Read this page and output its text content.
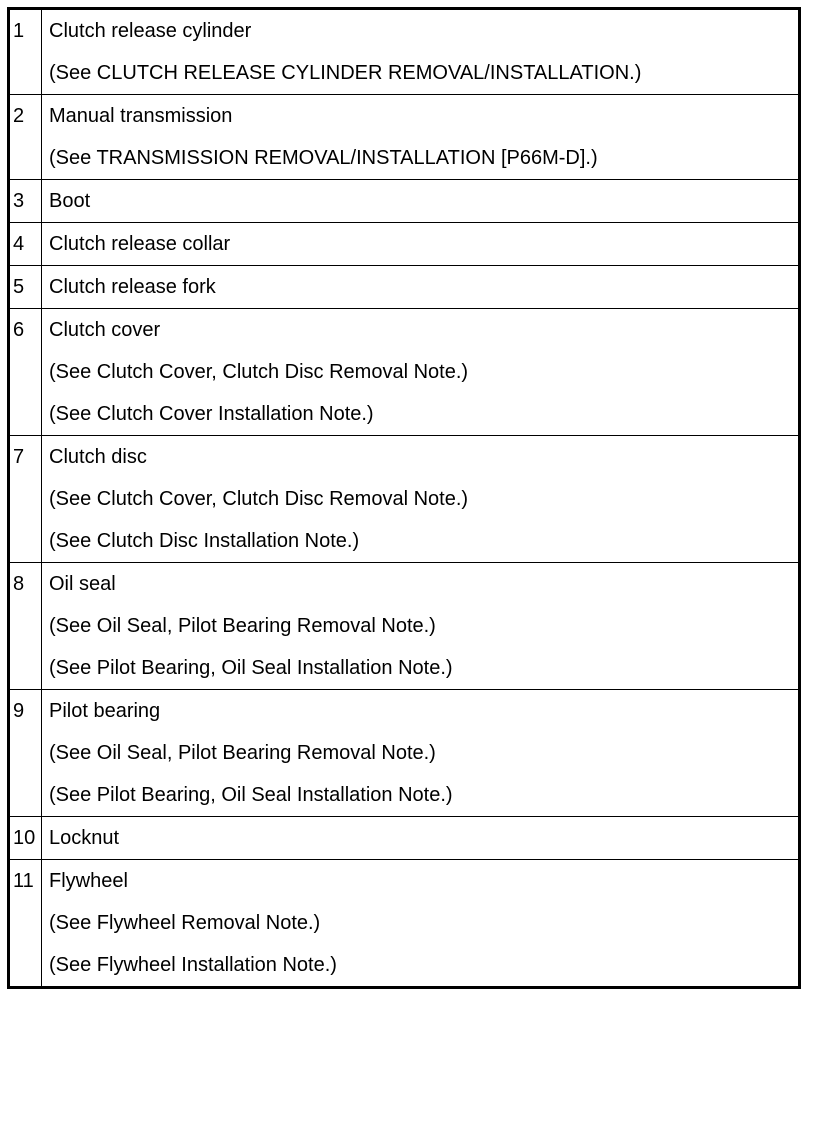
1	Clutch release cylinder
(See CLUTCH RELEASE CYLINDER REMOVAL/INSTALLATION.)

2	Manual transmission
(See TRANSMISSION REMOVAL/INSTALLATION [P66M-D].)

3	Boot

4	Clutch release collar

5	Clutch release fork

6	Clutch cover
(See Clutch Cover, Clutch Disc Removal Note.)
(See Clutch Cover Installation Note.)

7	Clutch disc
(See Clutch Cover, Clutch Disc Removal Note.)
(See Clutch Disc Installation Note.)

8	Oil seal
(See Oil Seal, Pilot Bearing Removal Note.)
(See Pilot Bearing, Oil Seal Installation Note.)

9	Pilot bearing
(See Oil Seal, Pilot Bearing Removal Note.)
(See Pilot Bearing, Oil Seal Installation Note.)

10	Locknut

11	Flywheel
(See Flywheel Removal Note.)
(See Flywheel Installation Note.)
